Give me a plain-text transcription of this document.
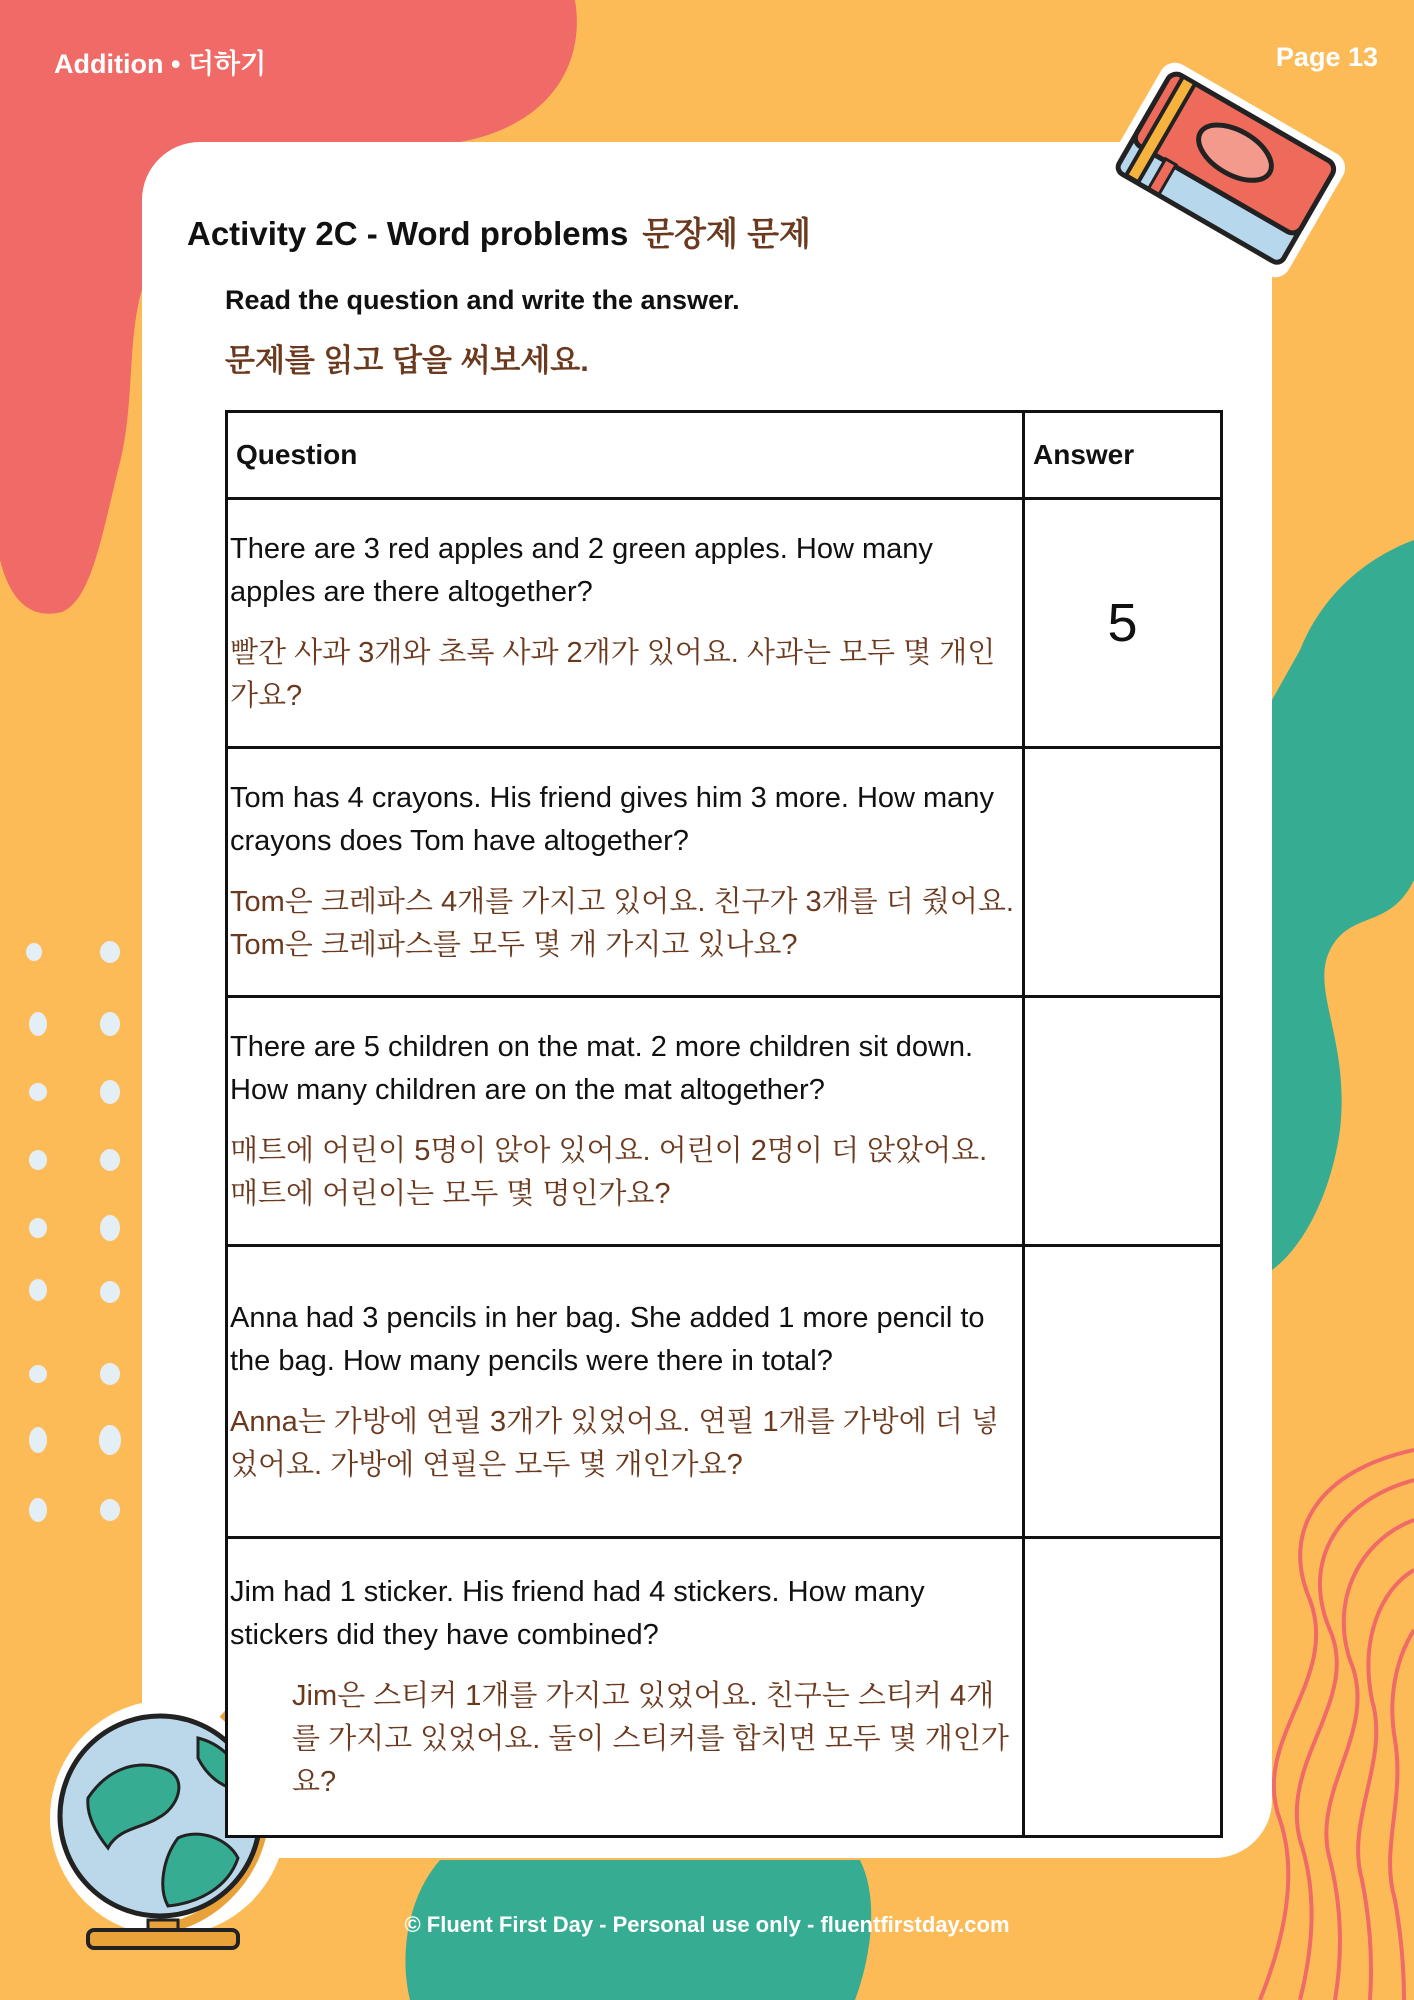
Addition • 더하기	Page 13
Activity 2C - Word problems 문장제 문제
Read the question and write the answer.
문제를 읽고 답을 써보세요.
Question	Answer

There are 3 red apples and 2 green apples. How many apples are there altogether?

빨간 사과 3개와 초록 사과 2개가 있어요. 사과는 모두 몇 개인가요?	5

Tom has 4 crayons. His friend gives him 3 more. How many crayons does Tom have altogether?

Tom은 크레파스 4개를 가지고 있어요. 친구가 3개를 더 줬어요. Tom은 크레파스를 모두 몇 개 가지고 있나요?	

There are 5 children on the mat. 2 more children sit down. How many children are on the mat altogether?

매트에 어린이 5명이 앉아 있어요. 어린이 2명이 더 앉았어요. 매트에 어린이는 모두 몇 명인가요?	

Anna had 3 pencils in her bag. She added 1 more pencil to the bag. How many pencils were there in total?

Anna는 가방에 연필 3개가 있었어요. 연필 1개를 가방에 더 넣었어요. 가방에 연필은 모두 몇 개인가요?	

Jim had 1 sticker. His friend had 4 stickers. How many stickers did they have combined?

Jim은 스티커 1개를 가지고 있었어요. 친구는 스티커 4개를 가지고 있었어요. 둘이 스티커를 합치면 모두 몇 개인가요?	

© Fluent First Day - Personal use only - fluentfirstday.com
